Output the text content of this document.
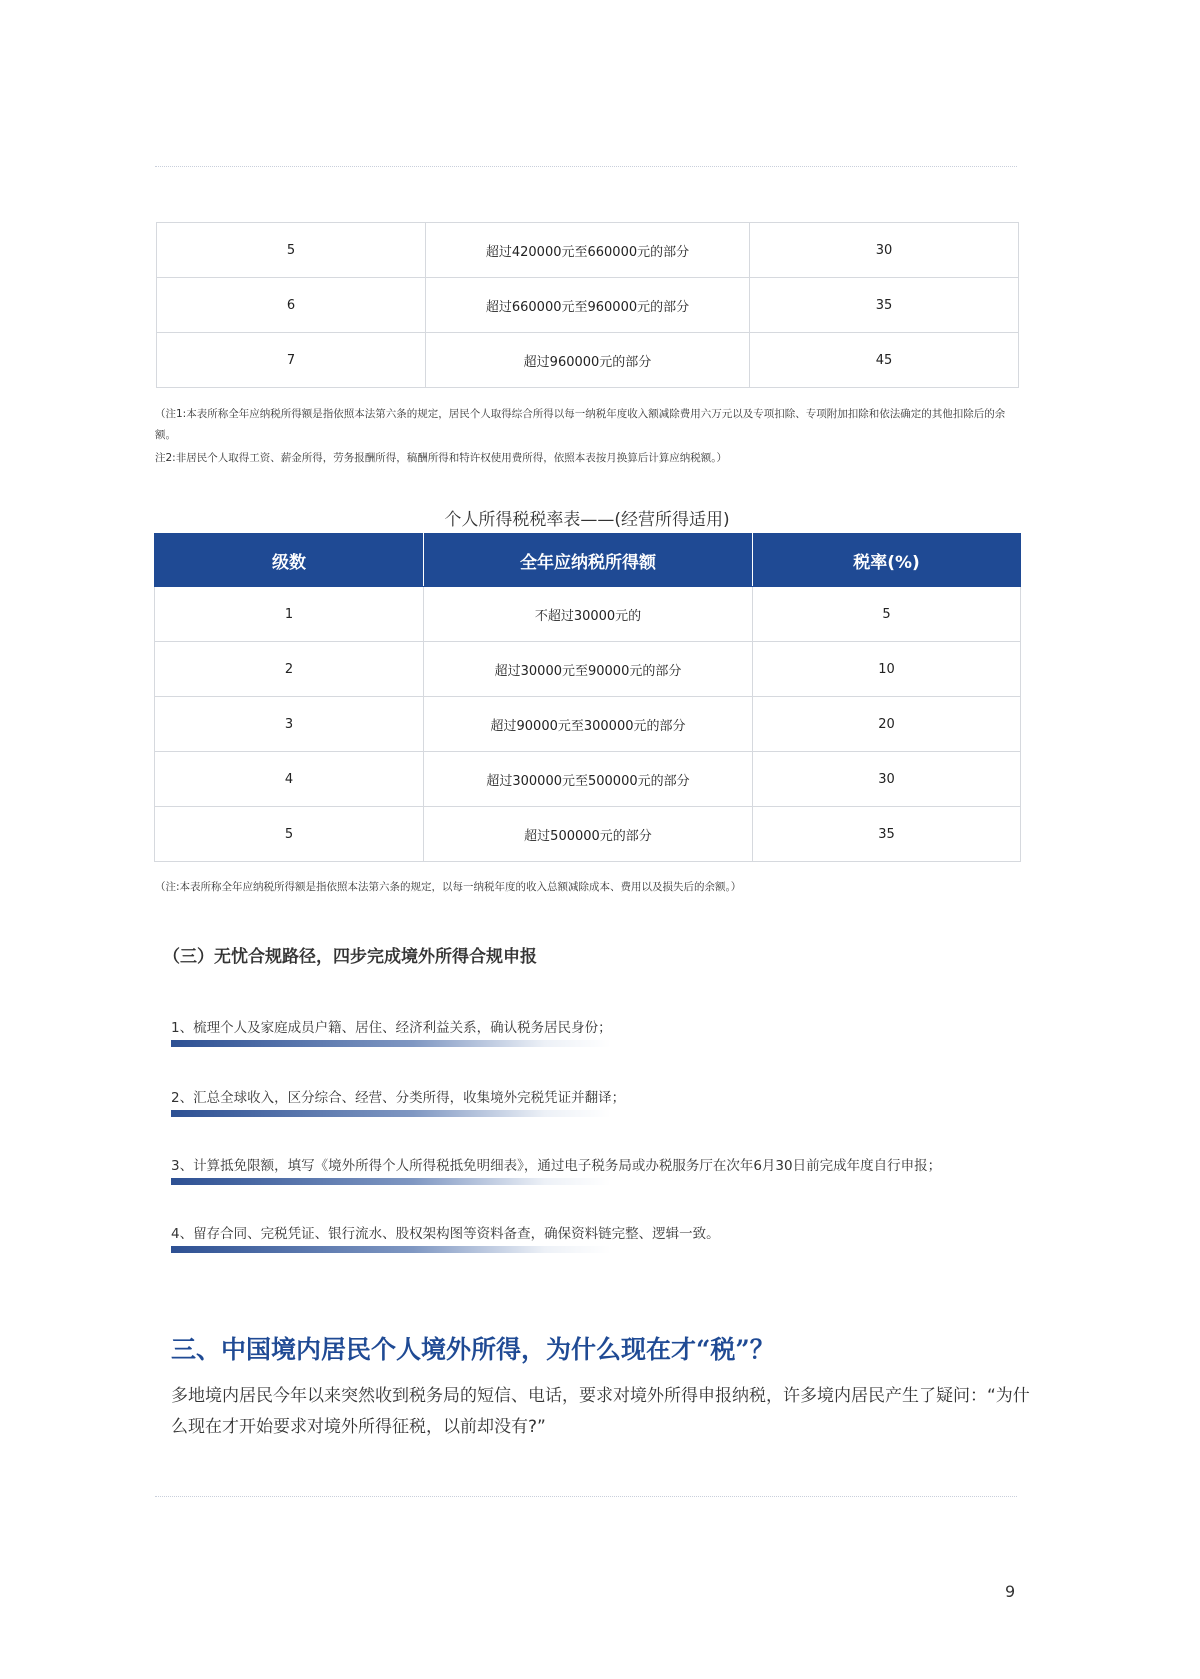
5	超过420000元至660000元的部分	30
6	超过660000元至960000元的部分	35
7	超过960000元的部分	45
（注1:本表所称全年应纳税所得额是指依照本法第六条的规定，居民个人取得综合所得以每一纳税年度收入额减除费用六万元以及专项扣除、专项附加扣除和依法确定的其他扣除后的余额。
注2:非居民个人取得工资、薪金所得，劳务报酬所得，稿酬所得和特许权使用费所得，依照本表按月换算后计算应纳税额。）
个人所得税税率表——(经营所得适用)
级数	全年应纳税所得额	税率(%)
1	不超过30000元的	5
2	超过30000元至90000元的部分	10
3	超过90000元至300000元的部分	20
4	超过300000元至500000元的部分	30
5	超过500000元的部分	35
（注:本表所称全年应纳税所得额是指依照本法第六条的规定，以每一纳税年度的收入总额减除成本、费用以及损失后的余额。）
（三）无忧合规路径，四步完成境外所得合规申报
1、梳理个人及家庭成员户籍、居住、经济利益关系，确认税务居民身份；
2、汇总全球收入，区分综合、经营、分类所得，收集境外完税凭证并翻译；
3、计算抵免限额，填写《境外所得个人所得税抵免明细表》，通过电子税务局或办税服务厅在次年6月30日前完成年度自行申报；
4、留存合同、完税凭证、银行流水、股权架构图等资料备查，确保资料链完整、逻辑一致。
三、中国境内居民个人境外所得，为什么现在才“税”？
多地境内居民今年以来突然收到税务局的短信、电话，要求对境外所得申报纳税，许多境内居民产生了疑问：“为什么现在才开始要求对境外所得征税，以前却没有?”
9
